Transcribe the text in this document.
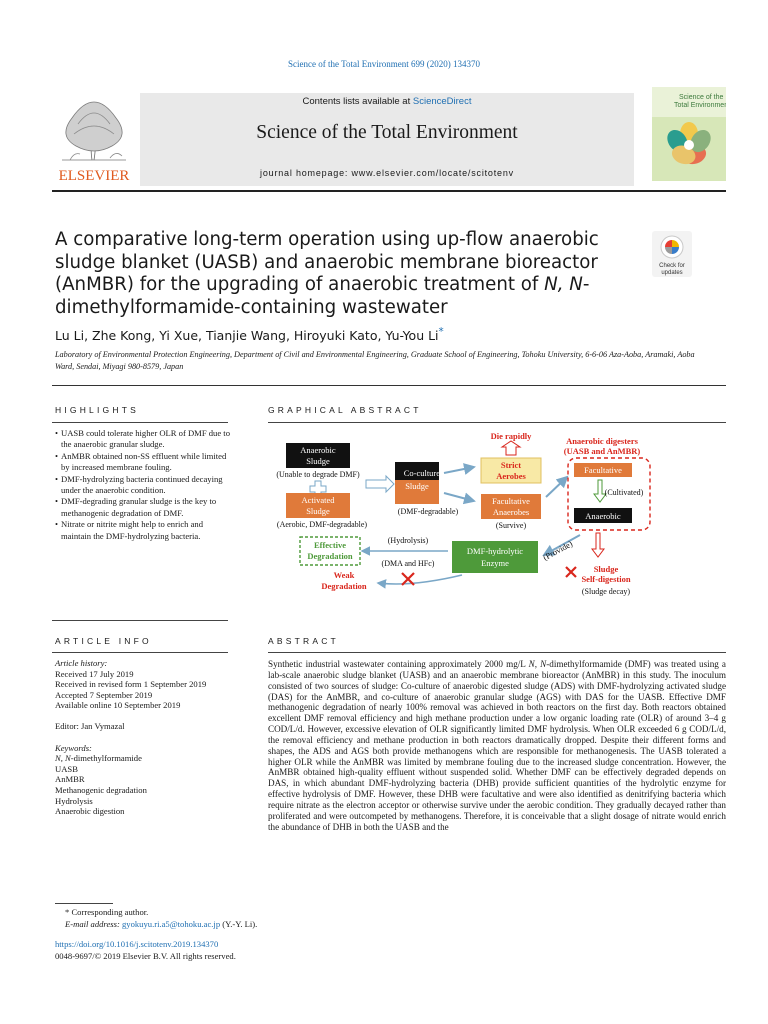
Science of the Total Environment 699 (2020) 134370
ELSEVIER
Contents lists available at ScienceDirect
Science of the Total Environment
journal homepage: www.elsevier.com/locate/scitotenv
Science of the
Total Environment
A comparative long-term operation using up-flow anaerobic sludge blanket (UASB) and anaerobic membrane bioreactor (AnMBR) for the upgrading of anaerobic treatment of N, N-dimethylformamide-containing wastewater
Check for
updates
Lu Li, Zhe Kong, Yi Xue, Tianjie Wang, Hiroyuki Kato, Yu-You Li*
Laboratory of Environmental Protection Engineering, Department of Civil and Environmental Engineering, Graduate School of Engineering, Tohoku University, 6-6-06 Aza-Aoba, Aramaki, Aoba Ward, Sendai, Miyagi 980-8579, Japan
HIGHLIGHTS
• UASB could tolerate higher OLR of DMF due to the anaerobic granular sludge.
• AnMBR obtained non-SS effluent while limited by increased membrane fouling.
• DMF-hydrolyzing bacteria continued decaying under the anaerobic condition.
• DMF-degrading granular sludge is the key to methanogenic degradation of DMF.
• Nitrate or nitrite might help to enrich and maintain the DMF-hydrolyzing bacteria.
GRAPHICAL ABSTRACT
Anaerobic
Sludge
(Unable to degrade DMF)
Activated
Sludge
(Aerobic, DMF-degradable)
Co-cultured
Sludge
(DMF-degradable)
Die rapidly
Strict
Aerobes
Facultative
Anaerobes
(Survive)
Anaerobic digesters
(UASB and AnMBR)
Facultative
(Cultivated)
Anaerobic
(Provide)
Sludge
Self-digestion
(Sludge decay)
DMF-hydrolytic
Enzyme
(Hydrolysis)
(DMA and HFc)
Effective
Degradation
Weak
Degradation
ARTICLE INFO
Article history:
Received 17 July 2019
Received in revised form 1 September 2019
Accepted 7 September 2019
Available online 10 September 2019
Editor: Jan Vymazal
Keywords:
N, N-dimethylformamide
UASB
AnMBR
Methanogenic degradation
Hydrolysis
Anaerobic digestion
ABSTRACT
Synthetic industrial wastewater containing approximately 2000 mg/L N, N-dimethylformamide (DMF) was treated using a lab-scale anaerobic sludge blanket (UASB) and an anaerobic membrane bioreactor (AnMBR) in this study. The inoculum consisted of two sources of sludge: Co-culture of anaerobic digested sludge (ADS) with DMF-hydrolyzing activated sludge (DAS) for the AnMBR, and co-culture of anaerobic granular sludge (AGS) with DAS for the UASB. Effective DMF methanogenic degradation of nearly 100% removal was achieved in both reactors on the first day. Both reactors obtained excellent DMF removal efficiency and high methane production under a low organic loading rate (OLR) of around 3–4 g COD/L/d. However, excessive elevation of OLR significantly limited DMF hydrolysis. When OLR exceeded 6 g COD/L/d, the removal efficiency and methane production in both reactors dramatically dropped. Despite their different forms and shapes, the ADS and AGS both provide methanogens which are responsible for methanogenesis. The UASB tolerated a higher OLR while the AnMBR was limited by membrane fouling due to the increased sludge concentration. However, the AnMBR obtained high-quality effluent without suspended solid. Whether DMF can be effectively degraded depends on DAS, in which abundant DMF-hydrolyzing bacteria (DHB) provide sufficient quantities of the hydrolytic enzyme for effective hydrolysis of DMF. However, these DHB were facultative and were also identified as denitrifying bacteria which require nitrate as the electron acceptor or otherwise survive under the aerobic condition. They gradually decayed rather than proliferated and were outcompeted by methanogens. Therefore, it is conceivable that a slight dosage of nitrate would enrich the abundance of DHB in both the UASB and the
* Corresponding author.
E-mail address: gyokuyu.ri.a5@tohoku.ac.jp (Y.-Y. Li).
https://doi.org/10.1016/j.scitotenv.2019.134370
0048-9697/© 2019 Elsevier B.V. All rights reserved.
